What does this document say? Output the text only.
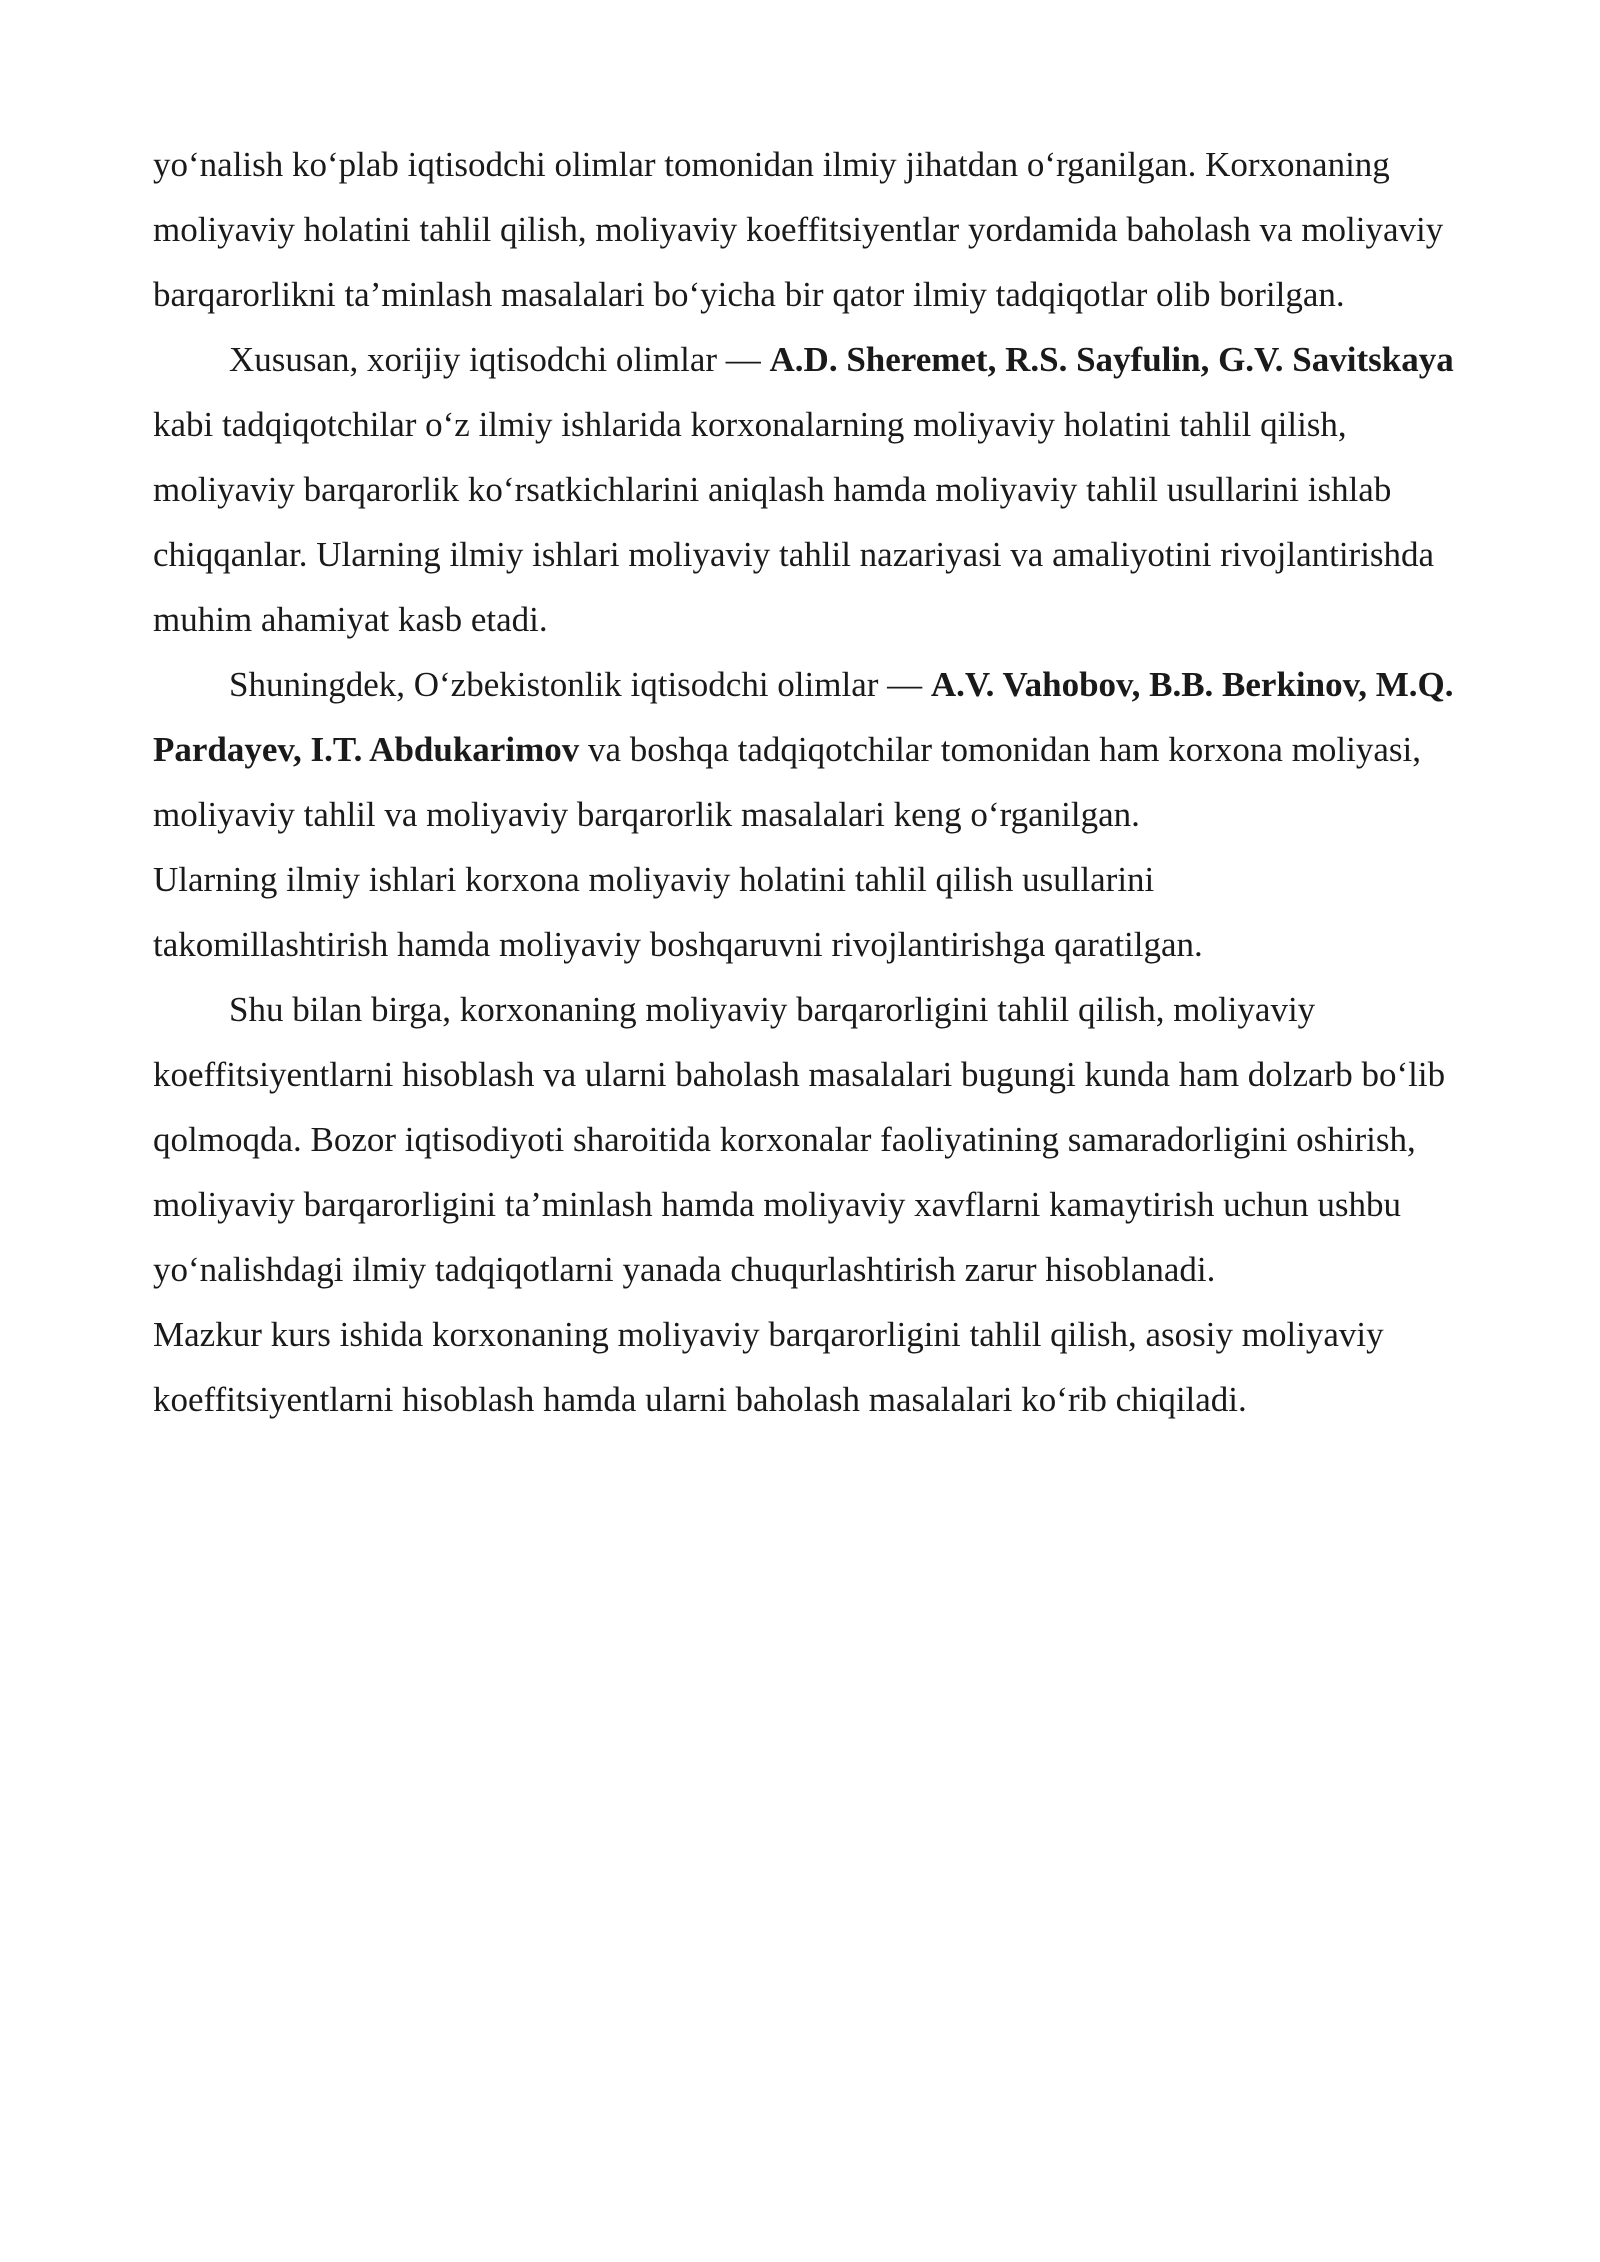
yo‘nalish ko‘plab iqtisodchi olimlar tomonidan ilmiy jihatdan o‘rganilgan. Korxonaning moliyaviy holatini tahlil qilish, moliyaviy koeffitsiyentlar yordamida baholash va moliyaviy barqarorlikni ta’minlash masalalari bo‘yicha bir qator ilmiy tadqiqotlar olib borilgan.

Xususan, xorijiy iqtisodchi olimlar — A.D. Sheremet, R.S. Sayfulin, G.V. Savitskaya kabi tadqiqotchilar o‘z ilmiy ishlarida korxonalarning moliyaviy holatini tahlil qilish, moliyaviy barqarorlik ko‘rsatkichlarini aniqlash hamda moliyaviy tahlil usullarini ishlab chiqqanlar. Ularning ilmiy ishlari moliyaviy tahlil nazariyasi va amaliyotini rivojlantirishda muhim ahamiyat kasb etadi.

Shuningdek, O‘zbekistonlik iqtisodchi olimlar — A.V. Vahobov, B.B. Berkinov, M.Q. Pardayev, I.T. Abdukarimov va boshqa tadqiqotchilar tomonidan ham korxona moliyasi, moliyaviy tahlil va moliyaviy barqarorlik masalalari keng o‘rganilgan.
Ularning ilmiy ishlari korxona moliyaviy holatini tahlil qilish usullarini
takomillashtirish hamda moliyaviy boshqaruvni rivojlantirishga qaratilgan.

Shu bilan birga, korxonaning moliyaviy barqarorligini tahlil qilish, moliyaviy koeffitsiyentlarni hisoblash va ularni baholash masalalari bugungi kunda ham dolzarb bo‘lib qolmoqda. Bozor iqtisodiyoti sharoitida korxonalar faoliyatining samaradorligini oshirish, moliyaviy barqarorligini ta’minlash hamda moliyaviy xavflarni kamaytirish uchun ushbu yo‘nalishdagi ilmiy tadqiqotlarni yanada chuqurlashtirish zarur hisoblanadi.

Mazkur kurs ishida korxonaning moliyaviy barqarorligini tahlil qilish, asosiy moliyaviy koeffitsiyentlarni hisoblash hamda ularni baholash masalalari ko‘rib chiqiladi.
